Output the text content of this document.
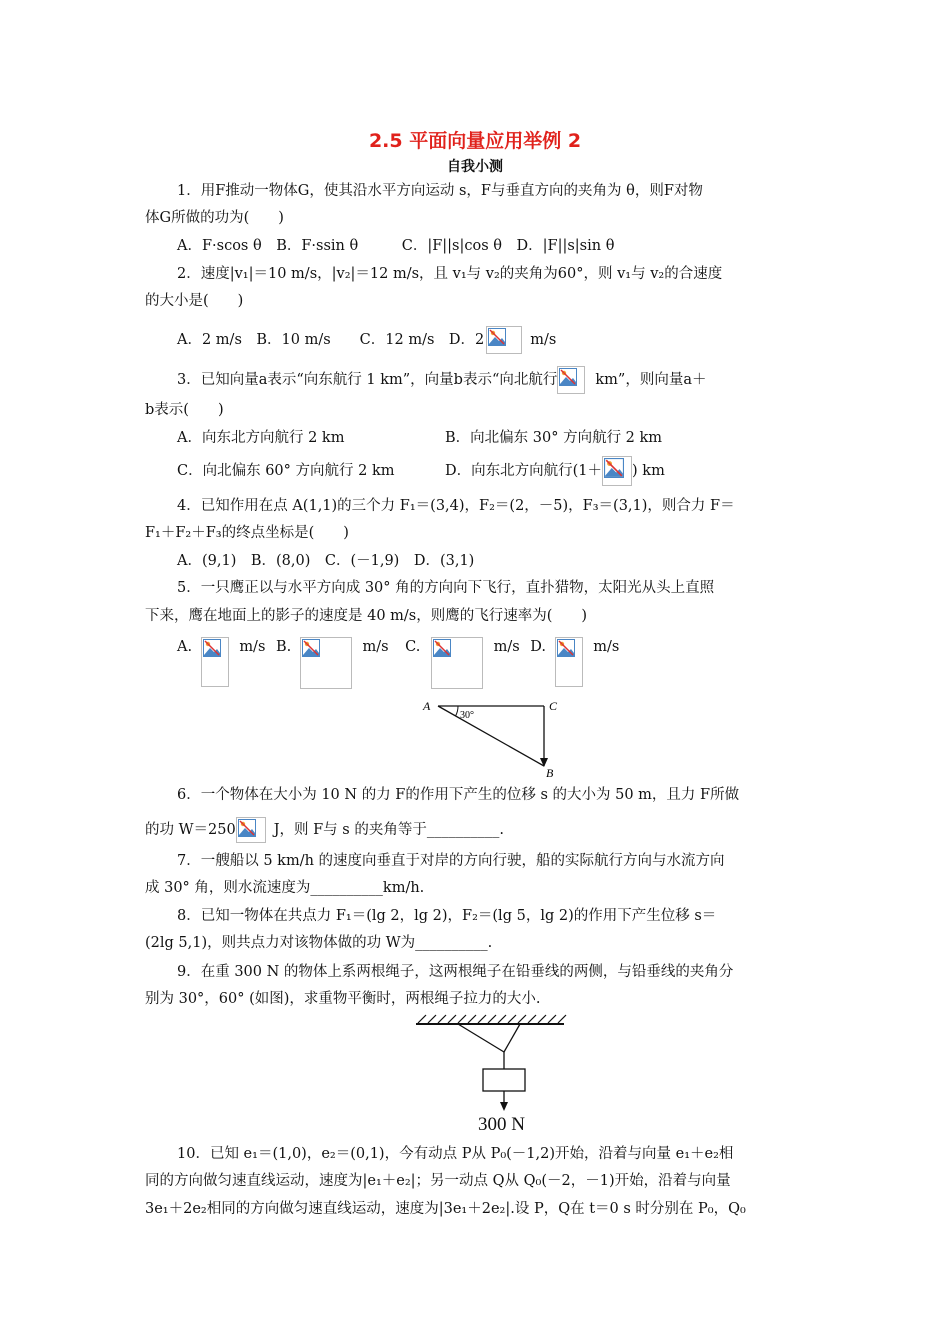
2.5 平面向量应用举例 2
自我小测
1．用F推动一物体G，使其沿水平方向运动 s，F与垂直方向的夹角为 θ，则F对物
体G所做的功为(　　)
A．F·scos θ　B．F·ssin θ　　　C．|F||s|cos θ　D．|F||s|sin θ
2．速度|v₁|＝10 m/s，|v₂|＝12 m/s，且 v₁与 v₂的夹角为60°，则 v₁与 v₂的合速度
的大小是(　　)
A．2 m/s　B．10 m/s　　C．12 m/s　D．2	m/s
3．已知向量a表示“向东航行 1 km”，向量b表示“向北航行	km”，则向量a＋
b表示(　　)
A．向东北方向航行 2 km	B．向北偏东 30° 方向航行 2 km
C．向北偏东 60° 方向航行 2 km	D．向东北方向航行(1＋ ) km
4．已知作用在点 A(1,1)的三个力 F₁＝(3,4)，F₂＝(2，－5)，F₃＝(3,1)，则合力 F＝
F₁＋F₂＋F₃的终点坐标是(　　)
A．(9,1)　B．(8,0)　C．(－1,9)　D．(3,1)
5．一只鹰正以与水平方向成 30° 角的方向向下飞行，直扑猎物，太阳光从头上直照
下来，鹰在地面上的影子的速度是 40 m/s，则鹰的飞行速率为(　　)
A.	m/s B.	m/s C.	m/s D.	m/s
A	C
B
30°
6．一个物体在大小为 10 N 的力 F的作用下产生的位移 s 的大小为 50 m，且力 F所做
的功 W＝250	J，则 F与 s 的夹角等于__________.
7．一艘船以 5 km/h 的速度向垂直于对岸的方向行驶，船的实际航行方向与水流方向
成 30° 角，则水流速度为__________km/h.
8．已知一物体在共点力 F₁＝(lg 2，lg 2)，F₂＝(lg 5，lg 2)的作用下产生位移 s＝
(2lg 5,1)，则共点力对该物体做的功 W为__________.
9．在重 300 N 的物体上系两根绳子，这两根绳子在铅垂线的两侧，与铅垂线的夹角分
别为 30°，60° (如图)，求重物平衡时，两根绳子拉力的大小.
300 N
10．已知 e₁＝(1,0)，e₂＝(0,1)，今有动点 P从 P₀(－1,2)开始，沿着与向量 e₁＋e₂相
同的方向做匀速直线运动，速度为|e₁＋e₂|；另一动点 Q从 Q₀(－2，－1)开始，沿着与向量
3e₁＋2e₂相同的方向做匀速直线运动，速度为|3e₁＋2e₂|.设 P，Q在 t＝0 s 时分别在 P₀，Q₀
